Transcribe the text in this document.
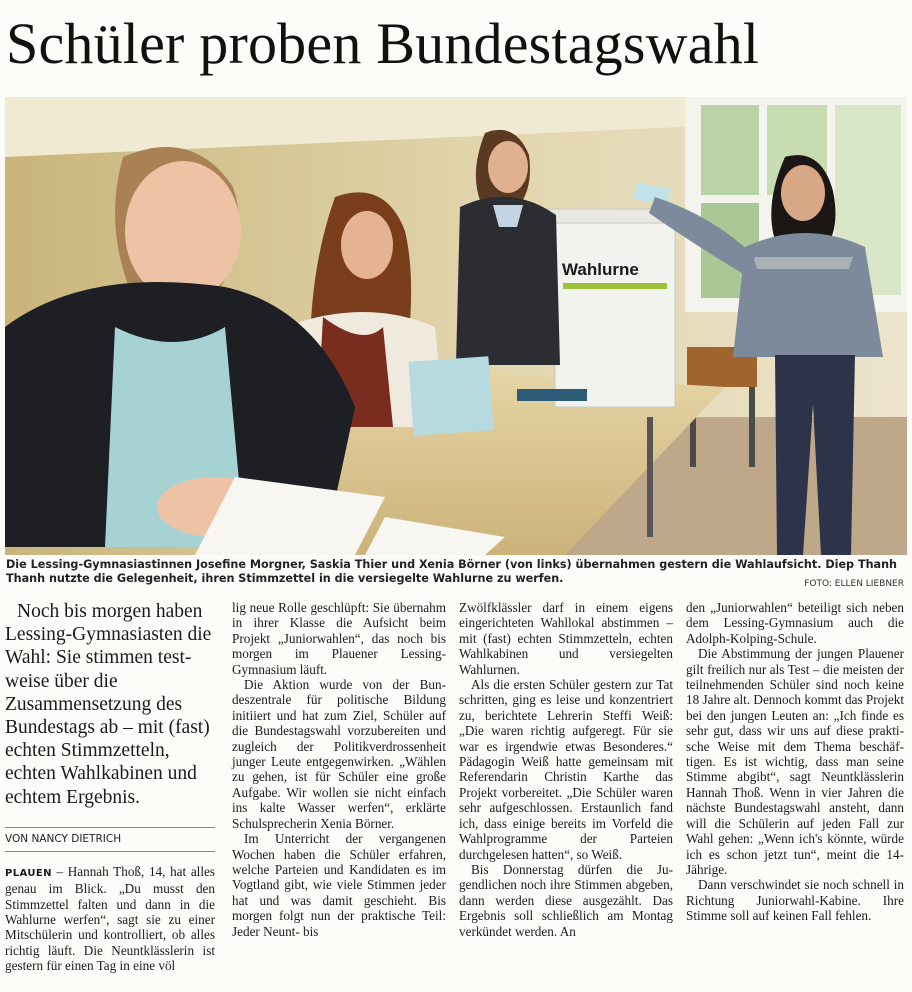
Schüler proben Bundestagswahl
Wahlurne
Die Lessing-Gymnasiastinnen Josefine Morgner, Saskia Thier und Xenia Börner (von links) übernahmen gestern die Wahlaufsicht. Diep Thanh Thanh nutzte die Gelegenheit, ihren Stimmzettel in die versiegelte Wahlurne zu werfen.	FOTO: ELLEN LIEBNER

Noch bis morgen haben Lessing-Gymnasiasten die Wahl: Sie stimmen testweise über die Zusammensetzung des Bundestags ab – mit (fast) echten Stimmzetteln, echten Wahlkabinen und echtem Ergebnis.

VON NANCY DIETRICH

PLAUEN – Hannah Thoß, 14, hat alles genau im Blick. „Du musst den Stimmzettel falten und dann in die Wahlurne werfen“, sagt sie zu einer Mitschülerin und kontrolliert, ob alles richtig läuft. Die Neuntklässlerin ist gestern für einen Tag in eine völ

lig neue Rolle geschlüpft: Sie übernahm in ihrer Klasse die Aufsicht beim Projekt „Juniorwahlen“, das noch bis morgen im Plauener Lessing-Gymnasium läuft.

Die Aktion wurde von der Bundeszentrale für politische Bildung initiiert und hat zum Ziel, Schüler auf die Bundestagswahl vorzubereiten und zugleich der Politikverdrossenheit junger Leute entgegenwirken. „Wählen zu gehen, ist für Schüler eine große Aufgabe. Wir wollen sie nicht einfach ins kalte Wasser werfen“, erklärte Schulsprecherin Xenia Börner.

Im Unterricht der vergangenen Wochen haben die Schüler erfahren, welche Parteien und Kandidaten es im Vogtland gibt, wie viele Stimmen jeder hat und was damit geschieht. Bis morgen folgt nun der praktische Teil: Jeder Neunt- bis

Zwölfklässler darf in einem eigens eingerichteten Wahllokal abstimmen – mit (fast) echten Stimmzetteln, echten Wahlkabinen und versiegelten Wahlurnen.

Als die ersten Schüler gestern zur Tat schritten, ging es leise und konzentriert zu, berichtete Lehrerin Steffi Weiß: „Die waren richtig aufgeregt. Für sie war es irgendwie etwas Besonderes.“ Pädagogin Weiß hatte gemeinsam mit Referendarin Christin Karthe das Projekt vorbereitet. „Die Schüler waren sehr aufgeschlossen. Erstaunlich fand ich, dass einige bereits im Vorfeld die Wahlprogramme der Parteien durchgelesen hatten“, so Weiß.

Bis Donnerstag dürfen die Jugendlichen noch ihre Stimmen abgeben, dann werden diese ausgezählt. Das Ergebnis soll schließlich am Montag verkündet werden. An

den „Juniorwahlen“ beteiligt sich neben dem Lessing-Gymnasium auch die Adolph-Kolping-Schule.

Die Abstimmung der jungen Plauener gilt freilich nur als Test – die meisten der teilnehmenden Schüler sind noch keine 18 Jahre alt. Dennoch kommt das Projekt bei den jungen Leuten an: „Ich finde es sehr gut, dass wir uns auf diese praktische Weise mit dem Thema beschäftigen. Es ist wichtig, dass man seine Stimme abgibt“, sagt Neuntklässlerin Hannah Thoß. Wenn in vier Jahren die nächste Bundestagswahl ansteht, dann will die Schülerin auf jeden Fall zur Wahl gehen: „Wenn ich's könnte, würde ich es schon jetzt tun“, meint die 14-Jährige.

Dann verschwindet sie noch schnell in Richtung Juniorwahl-Kabine. Ihre Stimme soll auf keinen Fall fehlen.
